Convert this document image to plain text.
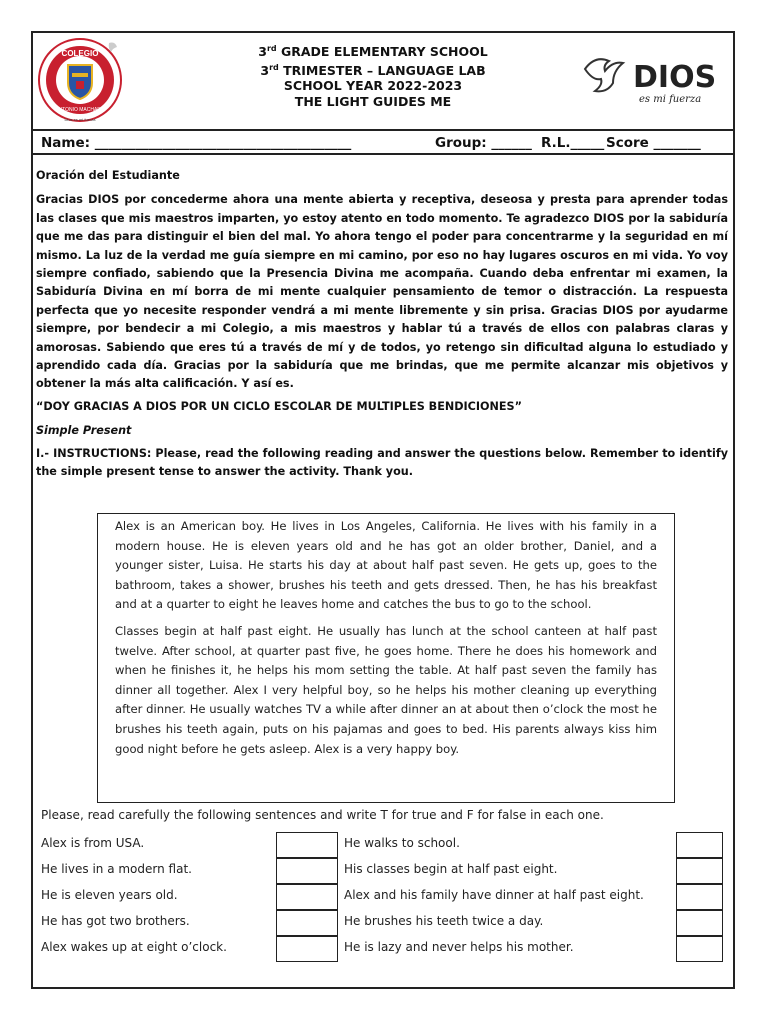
COLEGIO
ANTONIO MACHADO
Dios es mi fuerza
3rd GRADE ELEMENTARY SCHOOL
3rd TRIMESTER – LANGUAGE LAB
SCHOOL YEAR 2022-2023
THE LIGHT GUIDES ME
DIOS
es mi fuerza
Name: ______________________________________	Group: ______ R.L._____ Score _______

Oración del Estudiante

Gracias DIOS por concederme ahora una mente abierta y receptiva, deseosa y presta para aprender todas las clases que mis maestros imparten, yo estoy atento en todo momento. Te agradezco DIOS por la sabiduría que me das para distinguir el bien del mal. Yo ahora tengo el poder para concentrarme y la seguridad en mí mismo. La luz de la verdad me guía siempre en mi camino, por eso no hay lugares oscuros en mi vida. Yo voy siempre confiado, sabiendo que la Presencia Divina me acompaña. Cuando deba enfrentar mi examen, la Sabiduría Divina en mí borra de mi mente cualquier pensamiento de temor o distracción. La respuesta perfecta que yo necesite responder vendrá a mi mente libremente y sin prisa. Gracias DIOS por ayudarme siempre, por bendecir a mi Colegio, a mis maestros y hablar tú a través de ellos con palabras claras y amorosas. Sabiendo que eres tú a través de mí y de todos, yo retengo sin dificultad alguna lo estudiado y aprendido cada día. Gracias por la sabiduría que me brindas, que me permite alcanzar mis objetivos y obtener la más alta calificación. Y así es.

“DOY GRACIAS A DIOS POR UN CICLO ESCOLAR DE MULTIPLES BENDICIONES”

Simple Present

I.- INSTRUCTIONS: Please, read the following reading and answer the questions below. Remember to identify the simple present tense to answer the activity. Thank you.

Alex is an American boy. He lives in Los Angeles, California. He lives with his family in a modern house. He is eleven years old and he has got an older brother, Daniel, and a younger sister, Luisa. He starts his day at about half past seven. He gets up, goes to the bathroom, takes a shower, brushes his teeth and gets dressed. Then, he has his breakfast and at a quarter to eight he leaves home and catches the bus to go to the school.

Classes begin at half past eight. He usually has lunch at the school canteen at half past twelve. After school, at quarter past five, he goes home. There he does his homework and when he finishes it, he helps his mom setting the table. At half past seven the family has dinner all together. Alex I very helpful boy, so he helps his mother cleaning up everything after dinner. He usually watches TV a while after dinner an at about then o’clock the most he brushes his teeth again, puts on his pajamas and goes to bed. His parents always kiss him good night before he gets asleep. Alex is a very happy boy.

Please, read carefully the following sentences and write T for true and F for false in each one.
Alex is from USA.	He walks to school.
He lives in a modern flat.	His classes begin at half past eight.
He is eleven years old.	Alex and his family have dinner at half past eight.
He has got two brothers.	He brushes his teeth twice a day.
Alex wakes up at eight o’clock.	He is lazy and never helps his mother.
